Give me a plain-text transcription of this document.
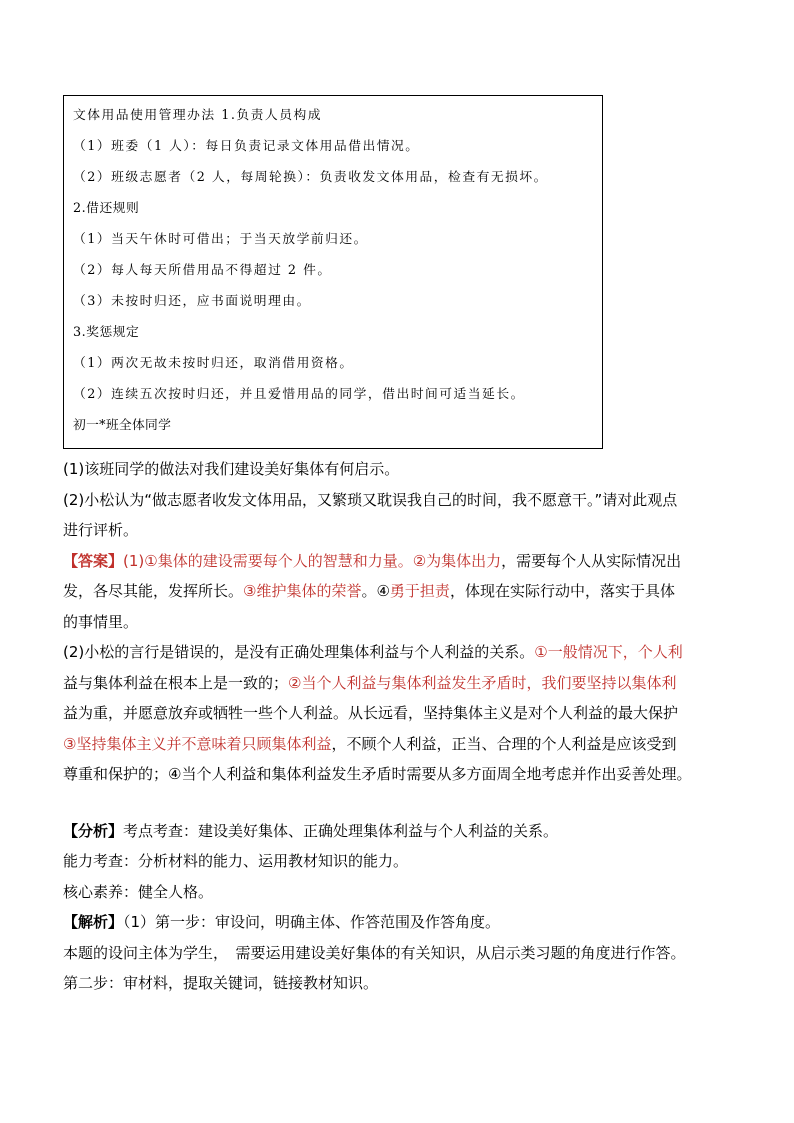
文体用品使用管理办法 1.负责人员构成
（1）班委（1 人）：每日负责记录文体用品借出情况。
（2）班级志愿者（2 人，每周轮换）：负责收发文体用品，检查有无损坏。
2.借还规则
（1）当天午休时可借出；于当天放学前归还。
（2）每人每天所借用品不得超过 2 件。
（3）未按时归还，应书面说明理由。
3.奖惩规定
（1）两次无故未按时归还，取消借用资格。
（2）连续五次按时归还，并且爱惜用品的同学，借出时间可适当延长。
初一*班全体同学

(1)该班同学的做法对我们建设美好集体有何启示。

(2)小松认为“做志愿者收发文体用品，又繁琐又耽误我自己的时间，我不愿意干。”请对此观点

进行评析。

【答案】(1)①集体的建设需要每个人的智慧和力量。②为集体出力，需要每个人从实际情况出

发，各尽其能，发挥所长。③维护集体的荣誉。④勇于担责，体现在实际行动中，落实于具体

的事情里。

(2)小松的言行是错误的，是没有正确处理集体利益与个人利益的关系。①一般情况下，个人利

益与集体利益在根本上是一致的；②当个人利益与集体利益发生矛盾时，我们要坚持以集体利

益为重，并愿意放弃或牺牲一些个人利益。从长远看，坚持集体主义是对个人利益的最大保护

③坚持集体主义并不意味着只顾集体利益，不顾个人利益，正当、合理的个人利益是应该受到

尊重和保护的；④当个人利益和集体利益发生矛盾时需要从多方面周全地考虑并作出妥善处理。

【分析】考点考查：建设美好集体、正确处理集体利益与个人利益的关系。

能力考查：分析材料的能力、运用教材知识的能力。

核心素养：健全人格。

【解析】（1）第一步：审设问，明确主体、作答范围及作答角度。

本题的设问主体为学生，　需要运用建设美好集体的有关知识，从启示类习题的角度进行作答。

第二步：审材料，提取关键词，链接教材知识。
